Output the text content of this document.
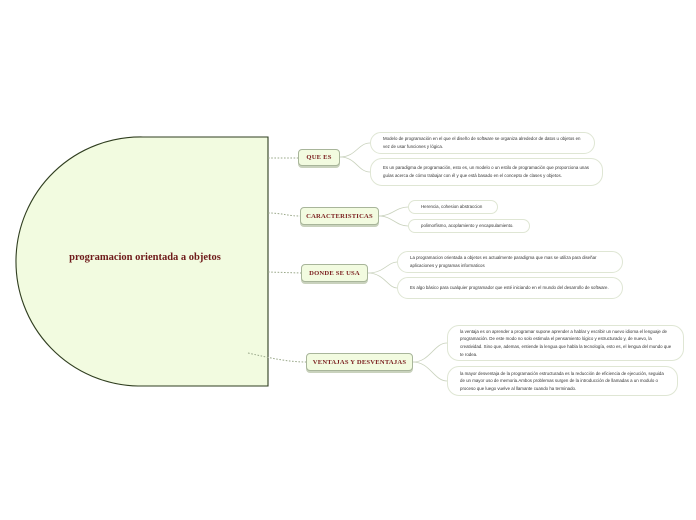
programacion orientada a objetos
QUE ES
Modelo de programación en el que el diseño de software se organiza alrededor de datos u objetos en vez de usar funciones y lógica.
Es un paradigma de programación, esto es, un modelo o un estilo de programación que proporciona unas guías acerca de cómo trabajar con él y que está basado en el concepto de clases y objetos.
CARACTERISTICAS
Herencia, cohesion abstraccion
polimorfismo, acoplamiento y encapsulamiento.
DONDE SE USA
La programacion orientada a objetos es actualmente paradigma que mas se utiliza para diseñar aplicaciones y programas informaticos
Es algo básico para cualquier programador que esté iniciando en el mundo del desarrollo de software.
VENTAJAS Y DESVENTAJAS
la ventaja es on aprender a programar supone aprender a hablar y escribir un nuevo idioma el lenguaje de programación. De este modo no solo estimula el pensamiento lógico y estructurado y, de nuevo, la creatividad. Sino que, ademas, entiende la lengua que habla la tecnología, esto es, el lengua del mundo que te rodea.
la mayor desventaja de la programación estructurada es la reducción de eficiencia de ejecución, seguida de un mayor uso de memoria.Ambos problemas surgen de la introducción de llamadas a un modulo o proceso que luego vuelve al llamante cuando ha terminado.
